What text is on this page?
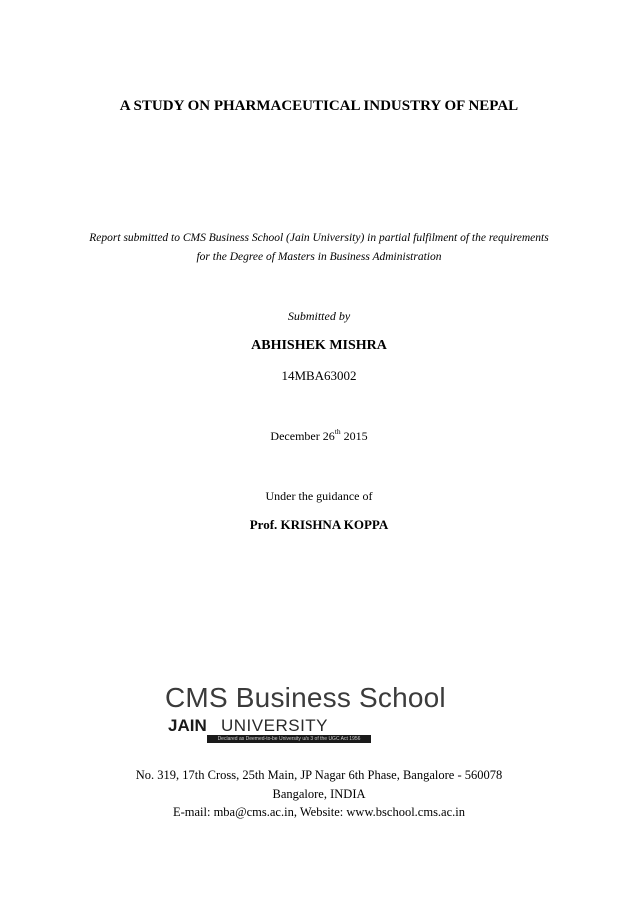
A STUDY ON PHARMACEUTICAL INDUSTRY OF NEPAL
Report submitted to CMS Business School (Jain University) in partial fulfilment of the requirements
for the Degree of Masters in Business Administration
Submitted by
ABHISHEK MISHRA
14MBA63002
December 26th 2015
Under the guidance of
Prof. KRISHNA KOPPA
CMS Business School
JAIN UNIVERSITY
Declared as Deemed-to-be University u/s 3 of the UGC Act 1956
No. 319, 17th Cross, 25th Main, JP Nagar 6th Phase, Bangalore - 560078
Bangalore, INDIA
E-mail: mba@cms.ac.in, Website: www.bschool.cms.ac.in
